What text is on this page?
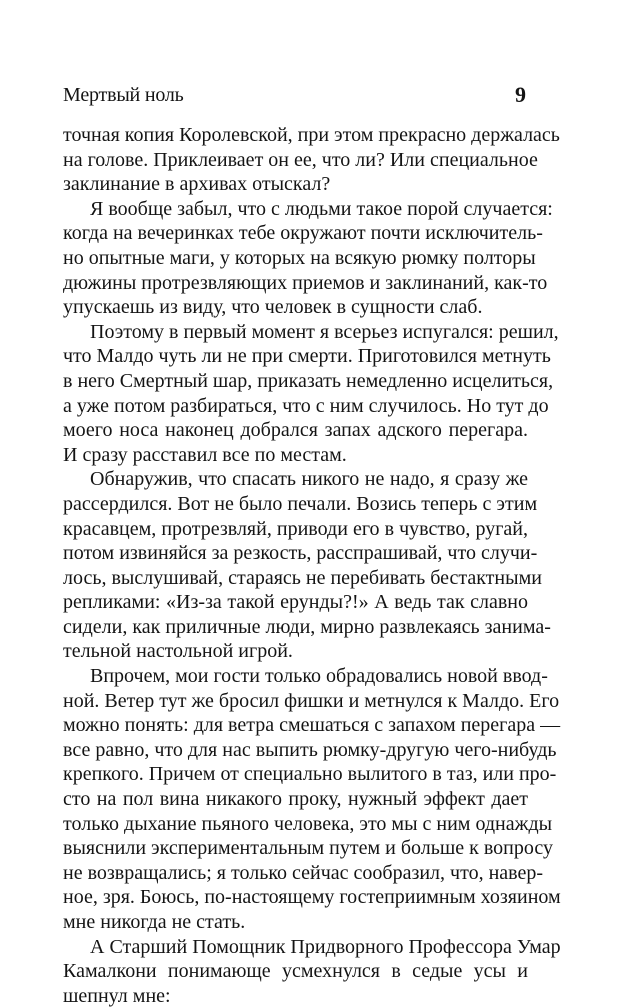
Мертвый ноль	9
точная копия Королевской, при этом прекрасно держалась
на голове. Приклеивает он ее, что ли? Или специальное
заклинание в архивах отыскал?
Я вообще забыл, что с людьми такое порой случается:
когда на вечеринках тебе окружают почти исключитель-
но опытные маги, у которых на всякую рюмку полторы
дюжины протрезвляющих приемов и заклинаний, как-то
упускаешь из виду, что человек в сущности слаб.
Поэтому в первый момент я всерьез испугался: решил,
что Малдо чуть ли не при смерти. Приготовился метнуть
в него Смертный шар, приказать немедленно исцелиться,
а уже потом разбираться, что с ним случилось. Но тут до
моего носа наконец добрался запах адского перегара.
И сразу расставил все по местам.
Обнаружив, что спасать никого не надо, я сразу же
рассердился. Вот не было печали. Возись теперь с этим
красавцем, протрезвляй, приводи его в чувство, ругай,
потом извиняйся за резкость, расспрашивай, что случи-
лось, выслушивай, стараясь не перебивать бестактными
репликами: «Из-за такой ерунды?!» А ведь так славно
сидели, как приличные люди, мирно развлекаясь занима-
тельной настольной игрой.
Впрочем, мои гости только обрадовались новой ввод-
ной. Ветер тут же бросил фишки и метнулся к Малдо. Его
можно понять: для ветра смешаться с запахом перегара —
все равно, что для нас выпить рюмку-другую чего-нибудь
крепкого. Причем от специально вылитого в таз, или про-
сто на пол вина никакого проку, нужный эффект дает
только дыхание пьяного человека, это мы с ним однажды
выяснили экспериментальным путем и больше к вопросу
не возвращались; я только сейчас сообразил, что, навер-
ное, зря. Боюсь, по-настоящему гостеприимным хозяином
мне никогда не стать.
А Старший Помощник Придворного Профессора Умар
Камалкони понимающе усмехнулся в седые усы и
шепнул мне:
